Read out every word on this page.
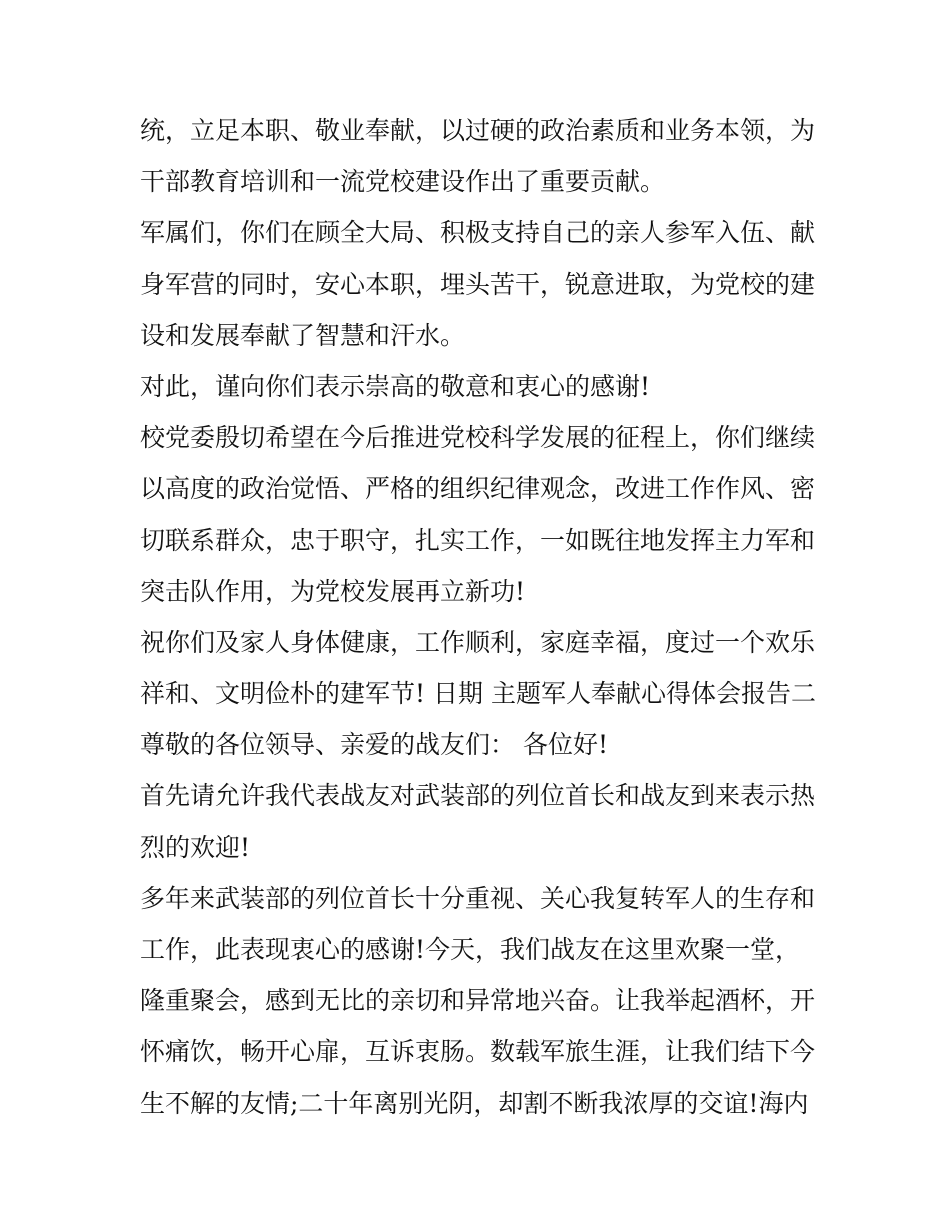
统，立足本职、敬业奉献，以过硬的政治素质和业务本领，为
干部教育培训和一流党校建设作出了重要贡献。
军属们，你们在顾全大局、积极支持自己的亲人参军入伍、献
身军营的同时，安心本职，埋头苦干，锐意进取，为党校的建
设和发展奉献了智慧和汗水。
对此，谨向你们表示崇高的敬意和衷心的感谢!
校党委殷切希望在今后推进党校科学发展的征程上，你们继续
以高度的政治觉悟、严格的组织纪律观念，改进工作作风、密
切联系群众，忠于职守，扎实工作，一如既往地发挥主力军和
突击队作用，为党校发展再立新功!
祝你们及家人身体健康，工作顺利，家庭幸福，度过一个欢乐
祥和、文明俭朴的建军节! 日期 主题军人奉献心得体会报告二
尊敬的各位领导、亲爱的战友们： 各位好!
首先请允许我代表战友对武装部的列位首长和战友到来表示热
烈的欢迎!
多年来武装部的列位首长十分重视、关心我复转军人的生存和
工作，此表现衷心的感谢!今天，我们战友在这里欢聚一堂，
隆重聚会，感到无比的亲切和异常地兴奋。让我举起酒杯，开
怀痛饮，畅开心扉，互诉衷肠。数载军旅生涯，让我们结下今
生不解的友情;二十年离别光阴，却割不断我浓厚的交谊!海内
